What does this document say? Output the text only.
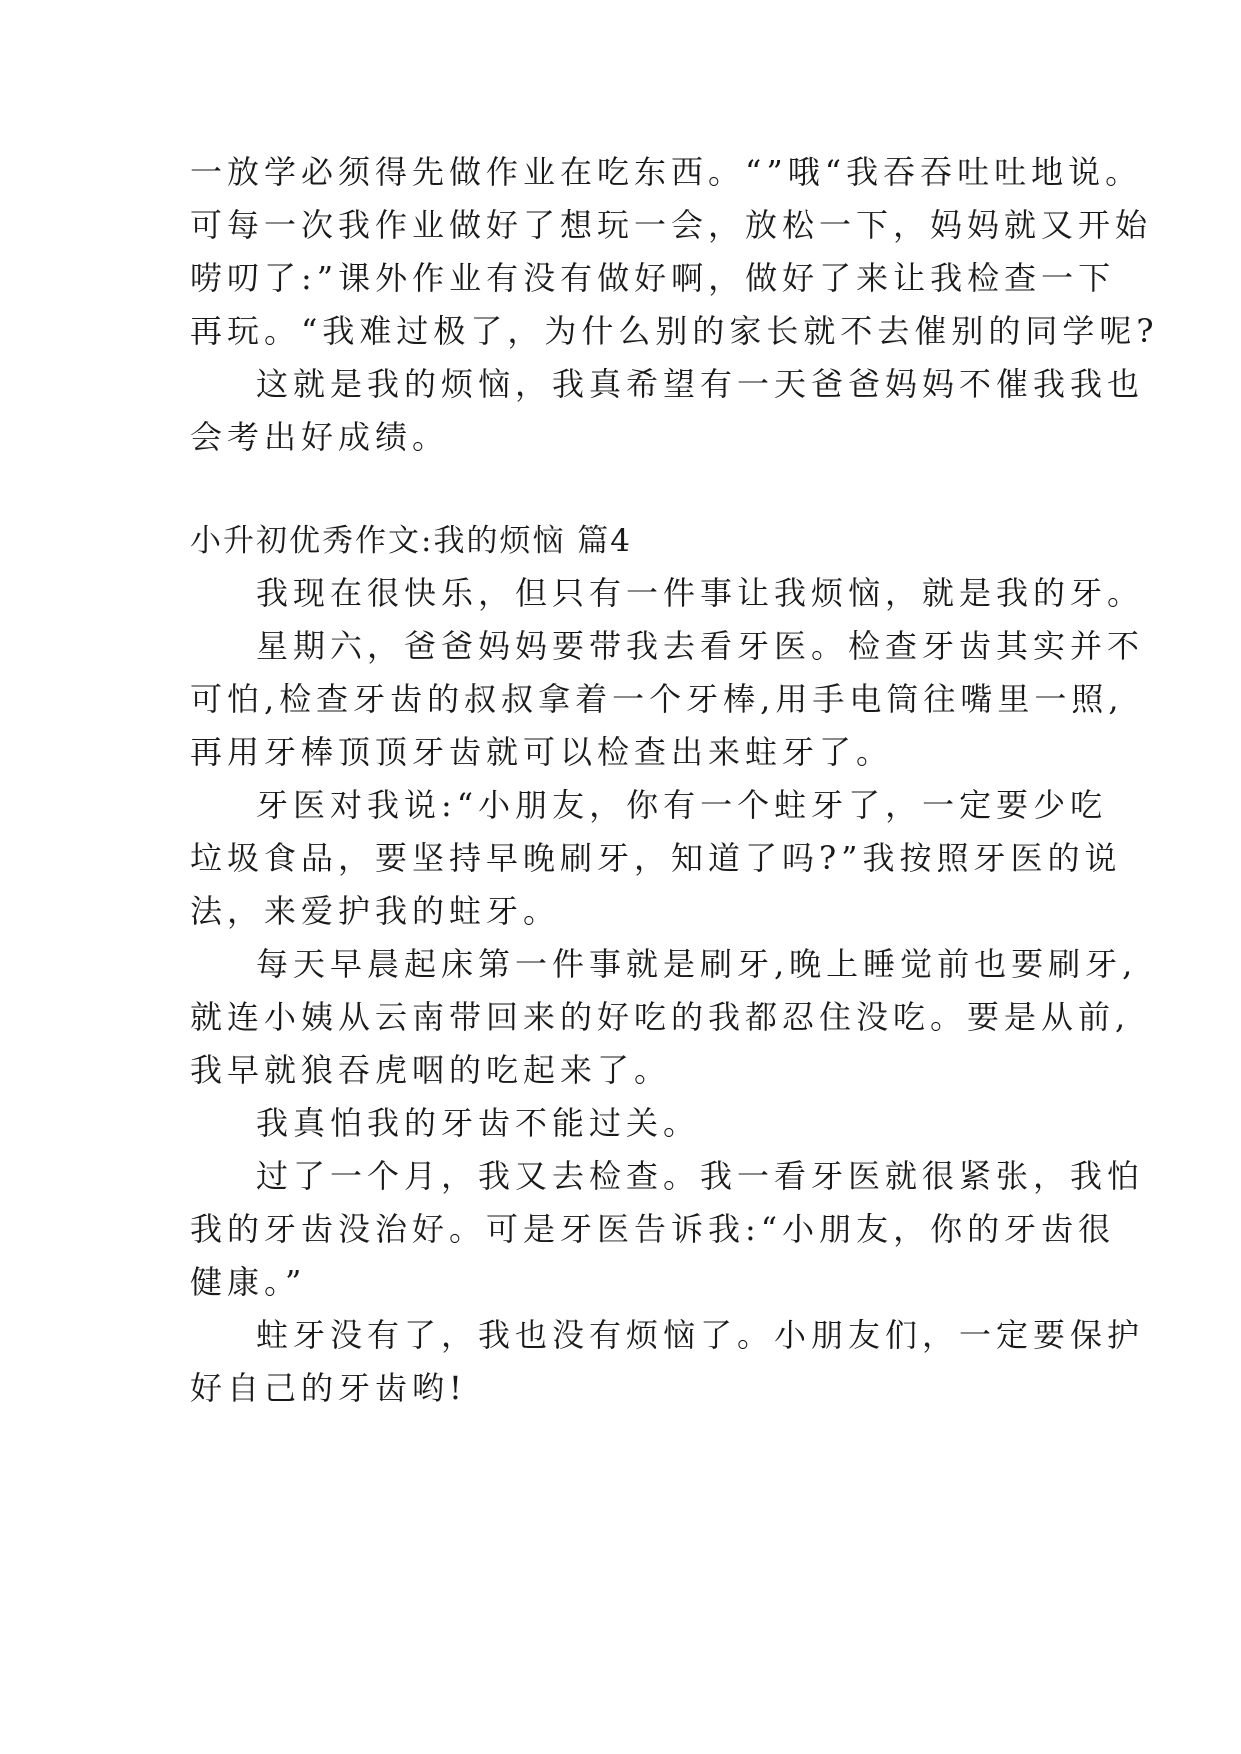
一放学必须得先做作业在吃东西。“”哦“我吞吞吐吐地说。
可每一次我作业做好了想玩一会，放松一下，妈妈就又开始
唠叨了:”课外作业有没有做好啊，做好了来让我检查一下
再玩。“我难过极了，为什么别的家长就不去催别的同学呢?
这就是我的烦恼，我真希望有一天爸爸妈妈不催我我也
会考出好成绩。
小升初优秀作文:我的烦恼 篇4
我现在很快乐，但只有一件事让我烦恼，就是我的牙。
星期六，爸爸妈妈要带我去看牙医。检查牙齿其实并不
可怕,检查牙齿的叔叔拿着一个牙棒,用手电筒往嘴里一照,
再用牙棒顶顶牙齿就可以检查出来蛀牙了。
牙医对我说:“小朋友，你有一个蛀牙了，一定要少吃
垃圾食品，要坚持早晚刷牙，知道了吗?”我按照牙医的说
法，来爱护我的蛀牙。
每天早晨起床第一件事就是刷牙,晚上睡觉前也要刷牙,
就连小姨从云南带回来的好吃的我都忍住没吃。要是从前,
我早就狼吞虎咽的吃起来了。
我真怕我的牙齿不能过关。
过了一个月，我又去检查。我一看牙医就很紧张，我怕
我的牙齿没治好。可是牙医告诉我:“小朋友，你的牙齿很
健康。”
蛀牙没有了，我也没有烦恼了。小朋友们，一定要保护
好自己的牙齿哟!
